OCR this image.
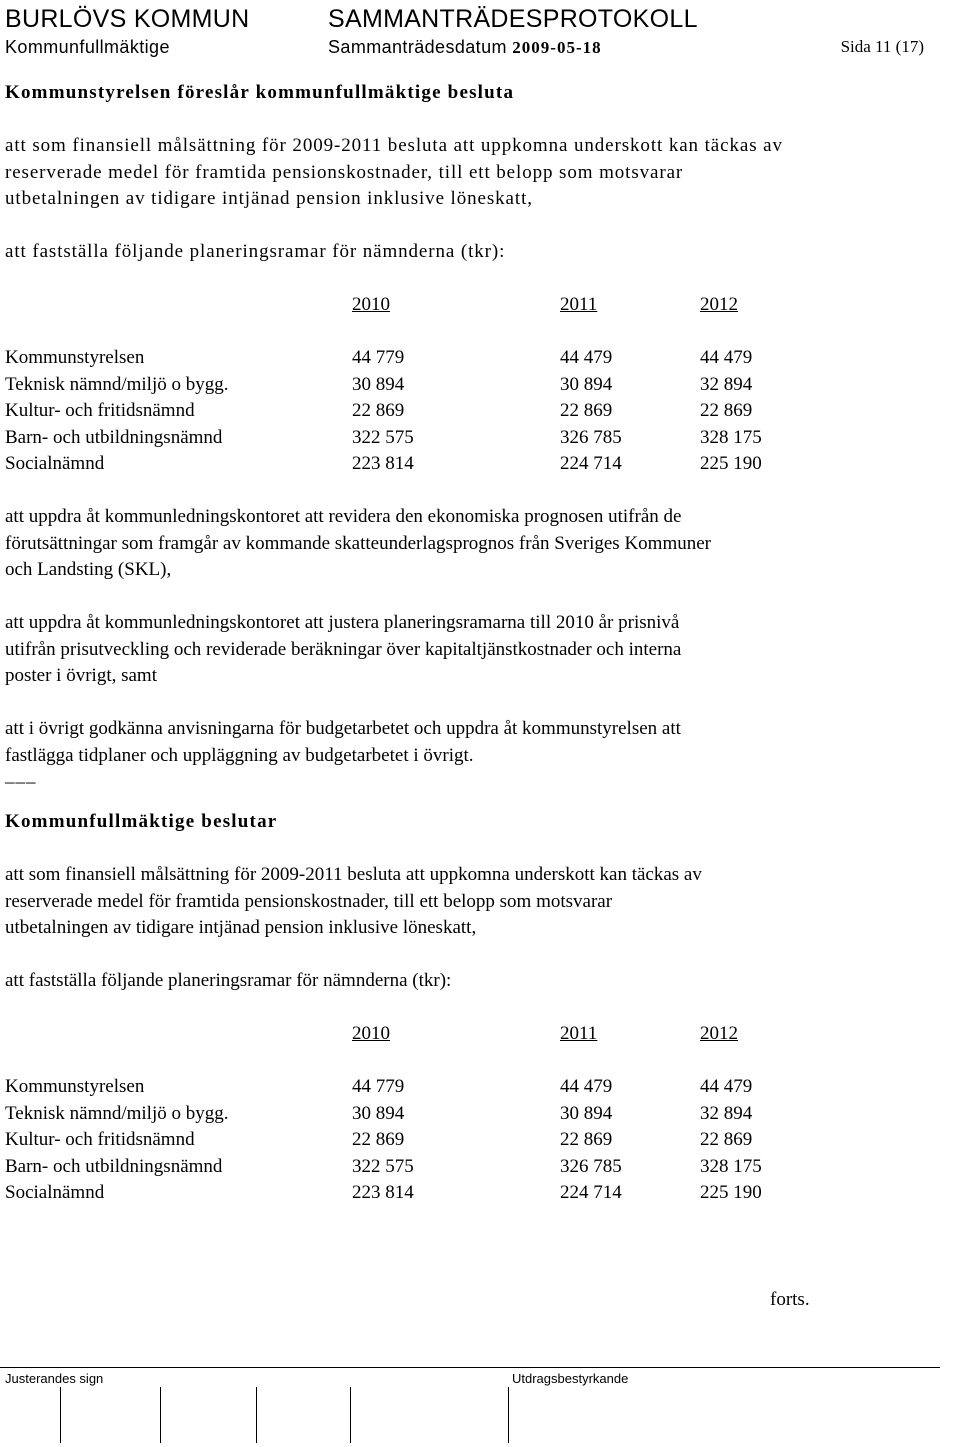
BURLÖVS KOMMUN	SAMMANTRÄDESPROTOKOLL
Kommunfullmäktige	Sammanträdesdatum 2009-05-18	Sida 11 (17)

Kommunstyrelsen föreslår kommunfullmäktige besluta

att som finansiell målsättning för 2009-2011 besluta att uppkomna underskott kan täckas av

reserverade medel för framtida pensionskostnader, till ett belopp som motsvarar

utbetalningen av tidigare intjänad pension inklusive löneskatt,

att fastställa följande planeringsramar för nämnderna (tkr):

	2010	2011	2012

Kommunstyrelsen	44 779	44 479	44 479
Teknisk nämnd/miljö o bygg.	30 894	30 894	32 894
Kultur- och fritidsnämnd	22 869	22 869	22 869
Barn- och utbildningsnämnd	322 575	326 785	328 175
Socialnämnd	223 814	224 714	225 190

att uppdra åt kommunledningskontoret att revidera den ekonomiska prognosen utifrån de

förutsättningar som framgår av kommande skatteunderlagsprognos från Sveriges Kommuner

och Landsting (SKL),

att uppdra åt kommunledningskontoret att justera planeringsramarna till 2010 år prisnivå

utifrån prisutveckling och reviderade beräkningar över kapitaltjänstkostnader och interna

poster i övrigt, samt

att i övrigt godkänna anvisningarna för budgetarbetet och uppdra åt kommunstyrelsen att

fastlägga tidplaner och uppläggning av budgetarbetet i övrigt.

___

Kommunfullmäktige beslutar

att som finansiell målsättning för 2009-2011 besluta att uppkomna underskott kan täckas av

reserverade medel för framtida pensionskostnader, till ett belopp som motsvarar

utbetalningen av tidigare intjänad pension inklusive löneskatt,

att fastställa följande planeringsramar för nämnderna (tkr):

	2010	2011	2012

Kommunstyrelsen	44 779	44 479	44 479
Teknisk nämnd/miljö o bygg.	30 894	30 894	32 894
Kultur- och fritidsnämnd	22 869	22 869	22 869
Barn- och utbildningsnämnd	322 575	326 785	328 175
Socialnämnd	223 814	224 714	225 190

forts.

Justerandes sign	Utdragsbestyrkande
